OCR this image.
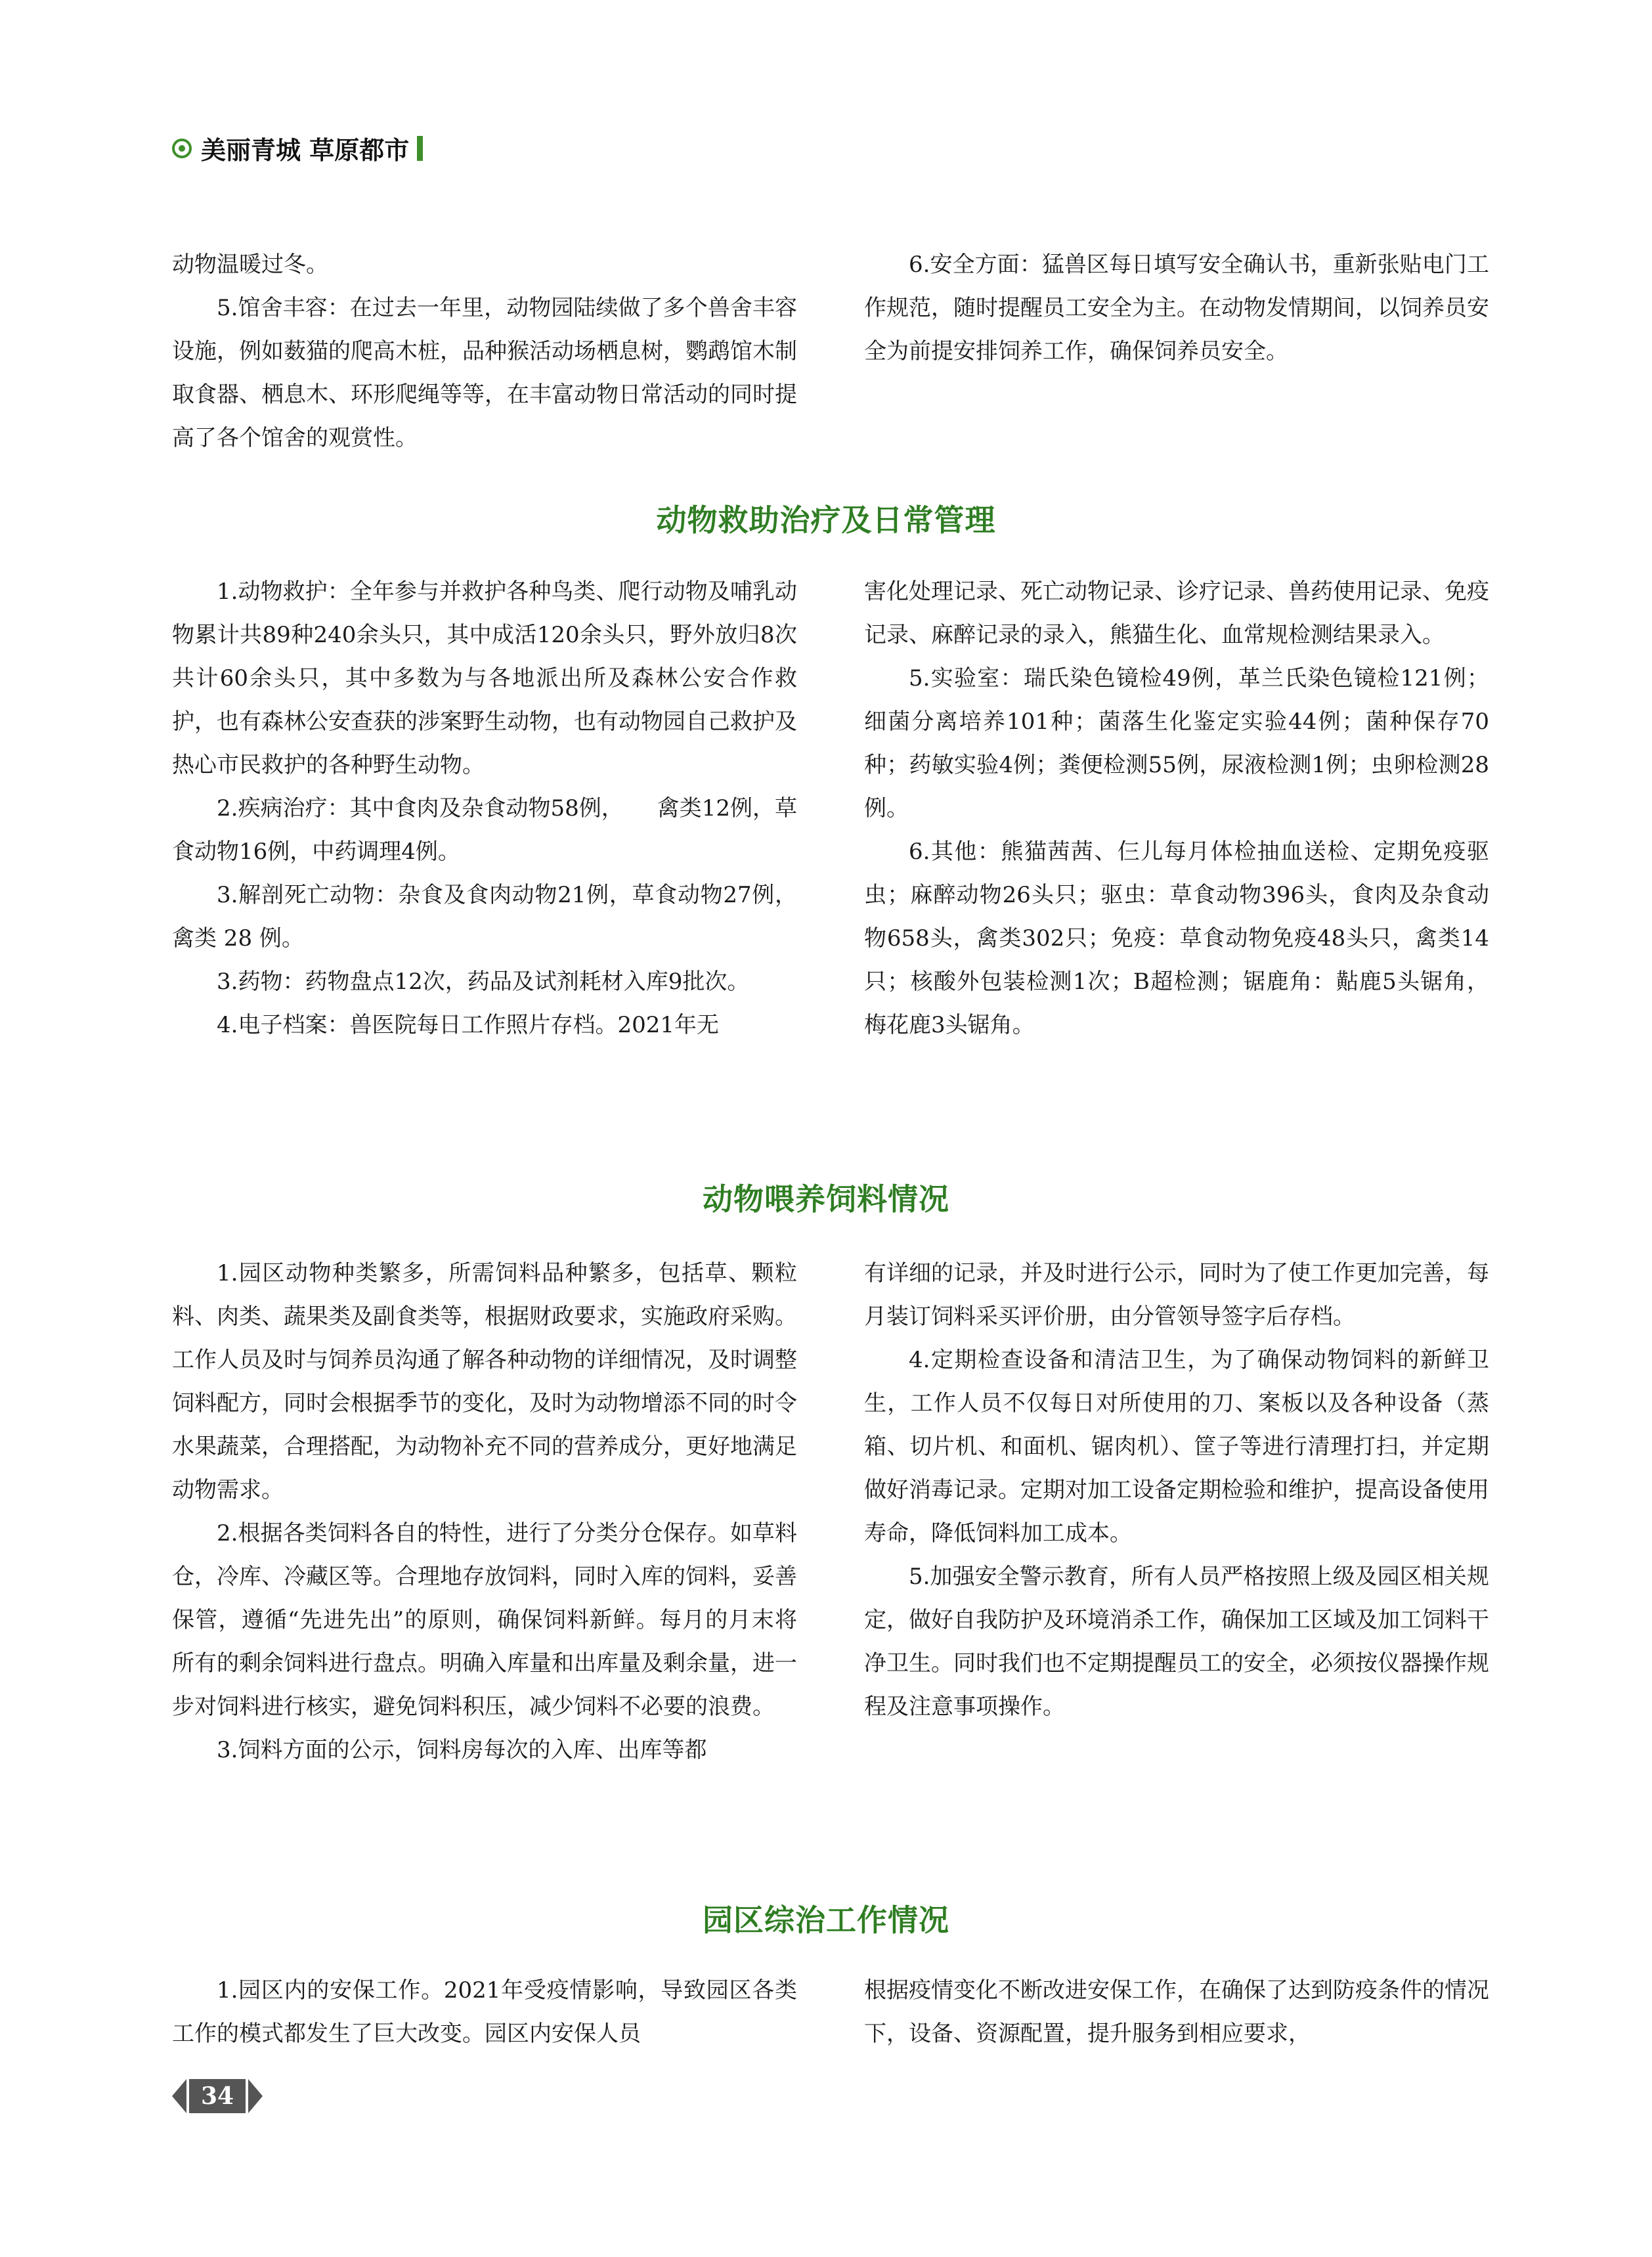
美丽青城 草原都市

动物温暖过冬。

5.馆舍丰容：在过去一年里，动物园陆续做了多个兽舍丰容设施，例如薮猫的爬高木桩，品种猴活动场栖息树，鹦鹉馆木制取食器、栖息木、环形爬绳等等，在丰富动物日常活动的同时提高了各个馆舍的观赏性。

6.安全方面：猛兽区每日填写安全确认书，重新张贴电门工作规范，随时提醒员工安全为主。在动物发情期间，以饲养员安全为前提安排饲养工作，确保饲养员安全。

动物救助治疗及日常管理

1.动物救护：全年参与并救护各种鸟类、爬行动物及哺乳动物累计共89种240余头只，其中成活120余头只，野外放归8次共计60余头只，其中多数为与各地派出所及森林公安合作救护，也有森林公安查获的涉案野生动物，也有动物园自己救护及热心市民救护的各种野生动物。

2.疾病治疗：其中食肉及杂食动物58例，　　禽类12例，草食动物16例，中药调理4例。

3.解剖死亡动物：杂食及食肉动物21例，草食动物27例，禽类 28 例。

3.药物：药物盘点12次，药品及试剂耗材入库9批次。

4.电子档案：兽医院每日工作照片存档。2021年无

害化处理记录、死亡动物记录、诊疗记录、兽药使用记录、免疫记录、麻醉记录的录入，熊猫生化、血常规检测结果录入。

5.实验室：瑞氏染色镜检49例，革兰氏染色镜检121例；细菌分离培养101种；菌落生化鉴定实验44例；菌种保存70种；药敏实验4例；粪便检测55例，尿液检测1例；虫卵检测28例。

6.其他：熊猫茜茜、仨儿每月体检抽血送检、定期免疫驱虫；麻醉动物26头只；驱虫：草食动物396头，食肉及杂食动物658头，禽类302只；免疫：草食动物免疫48头只，禽类14只；核酸外包装检测1次；B超检测；锯鹿角：黇鹿5头锯角，梅花鹿3头锯角。

动物喂养饲料情况

1.园区动物种类繁多，所需饲料品种繁多，包括草、颗粒料、肉类、蔬果类及副食类等，根据财政要求，实施政府采购。工作人员及时与饲养员沟通了解各种动物的详细情况，及时调整饲料配方，同时会根据季节的变化，及时为动物增添不同的时令水果蔬菜，合理搭配，为动物补充不同的营养成分，更好地满足动物需求。

2.根据各类饲料各自的特性，进行了分类分仓保存。如草料仓，冷库、冷藏区等。合理地存放饲料，同时入库的饲料，妥善保管，遵循“先进先出”的原则，确保饲料新鲜。每月的月末将所有的剩余饲料进行盘点。明确入库量和出库量及剩余量，进一步对饲料进行核实，避免饲料积压，减少饲料不必要的浪费。

3.饲料方面的公示，饲料房每次的入库、出库等都

有详细的记录，并及时进行公示，同时为了使工作更加完善，每月装订饲料采买评价册，由分管领导签字后存档。

4.定期检查设备和清洁卫生，为了确保动物饲料的新鲜卫生，工作人员不仅每日对所使用的刀、案板以及各种设备（蒸箱、切片机、和面机、锯肉机）、筐子等进行清理打扫，并定期做好消毒记录。定期对加工设备定期检验和维护，提高设备使用寿命，降低饲料加工成本。

5.加强安全警示教育，所有人员严格按照上级及园区相关规定，做好自我防护及环境消杀工作，确保加工区域及加工饲料干净卫生。同时我们也不定期提醒员工的安全，必须按仪器操作规程及注意事项操作。

园区综治工作情况

1.园区内的安保工作。2021年受疫情影响，导致园区各类工作的模式都发生了巨大改变。园区内安保人员

根据疫情变化不断改进安保工作，在确保了达到防疫条件的情况下，设备、资源配置，提升服务到相应要求，

34
